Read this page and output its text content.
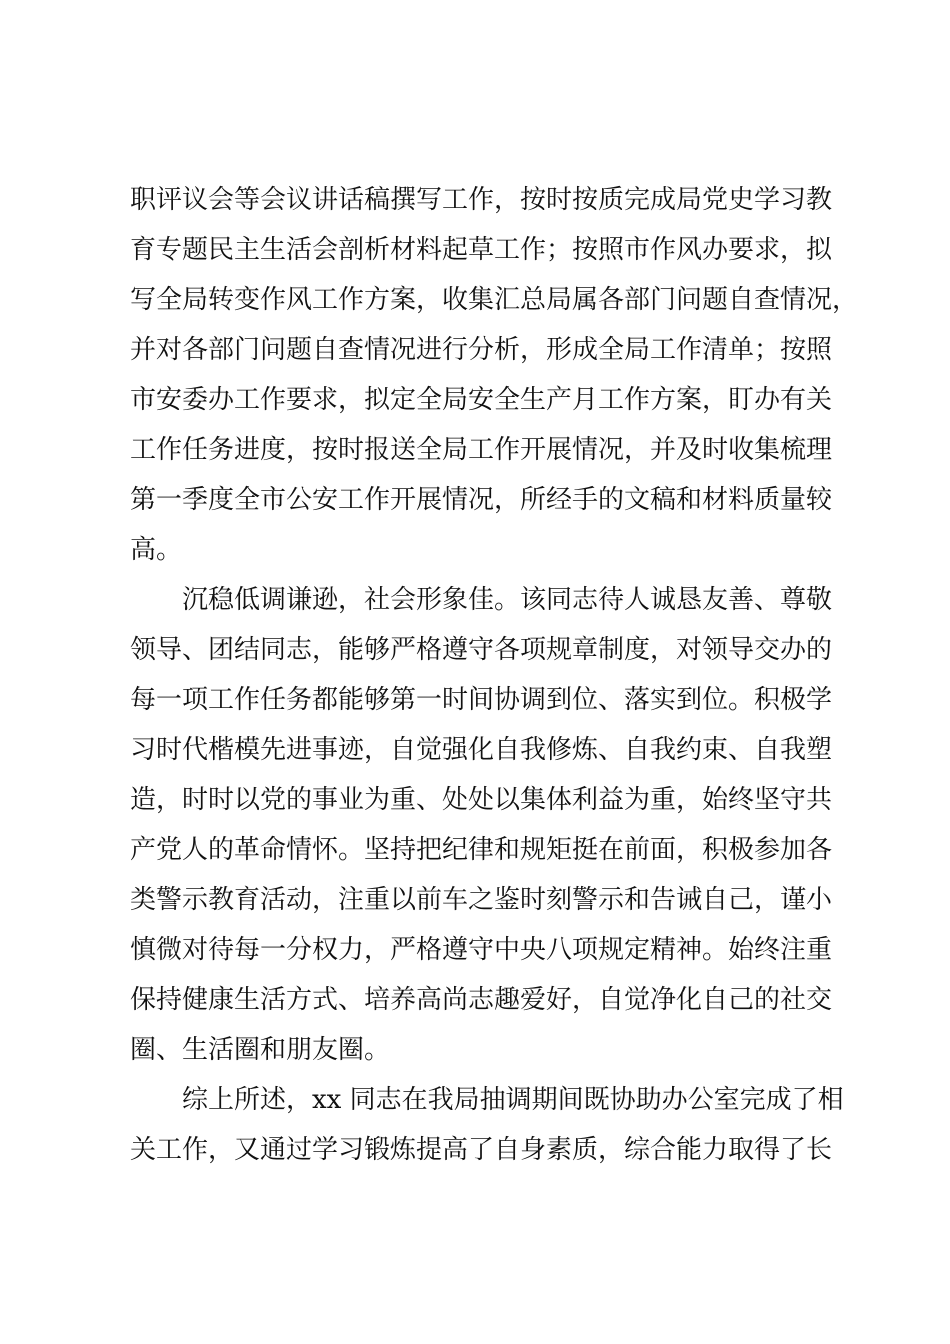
职评议会等会议讲话稿撰写工作，按时按质完成局党史学习教
育专题民主生活会剖析材料起草工作；按照市作风办要求，拟
写全局转变作风工作方案，收集汇总局属各部门问题自查情况，
并对各部门问题自查情况进行分析，形成全局工作清单；按照
市安委办工作要求，拟定全局安全生产月工作方案，盯办有关
工作任务进度，按时报送全局工作开展情况，并及时收集梳理
第一季度全市公安工作开展情况，所经手的文稿和材料质量较
高。
沉稳低调谦逊，社会形象佳。该同志待人诚恳友善、尊敬
领导、团结同志，能够严格遵守各项规章制度，对领导交办的
每一项工作任务都能够第一时间协调到位、落实到位。积极学
习时代楷模先进事迹，自觉强化自我修炼、自我约束、自我塑
造，时时以党的事业为重、处处以集体利益为重，始终坚守共
产党人的革命情怀。坚持把纪律和规矩挺在前面，积极参加各
类警示教育活动，注重以前车之鉴时刻警示和告诫自己，谨小
慎微对待每一分权力，严格遵守中央八项规定精神。始终注重
保持健康生活方式、培养高尚志趣爱好，自觉净化自己的社交
圈、生活圈和朋友圈。
综上所述，xx 同志在我局抽调期间既协助办公室完成了相
关工作，又通过学习锻炼提高了自身素质，综合能力取得了长
